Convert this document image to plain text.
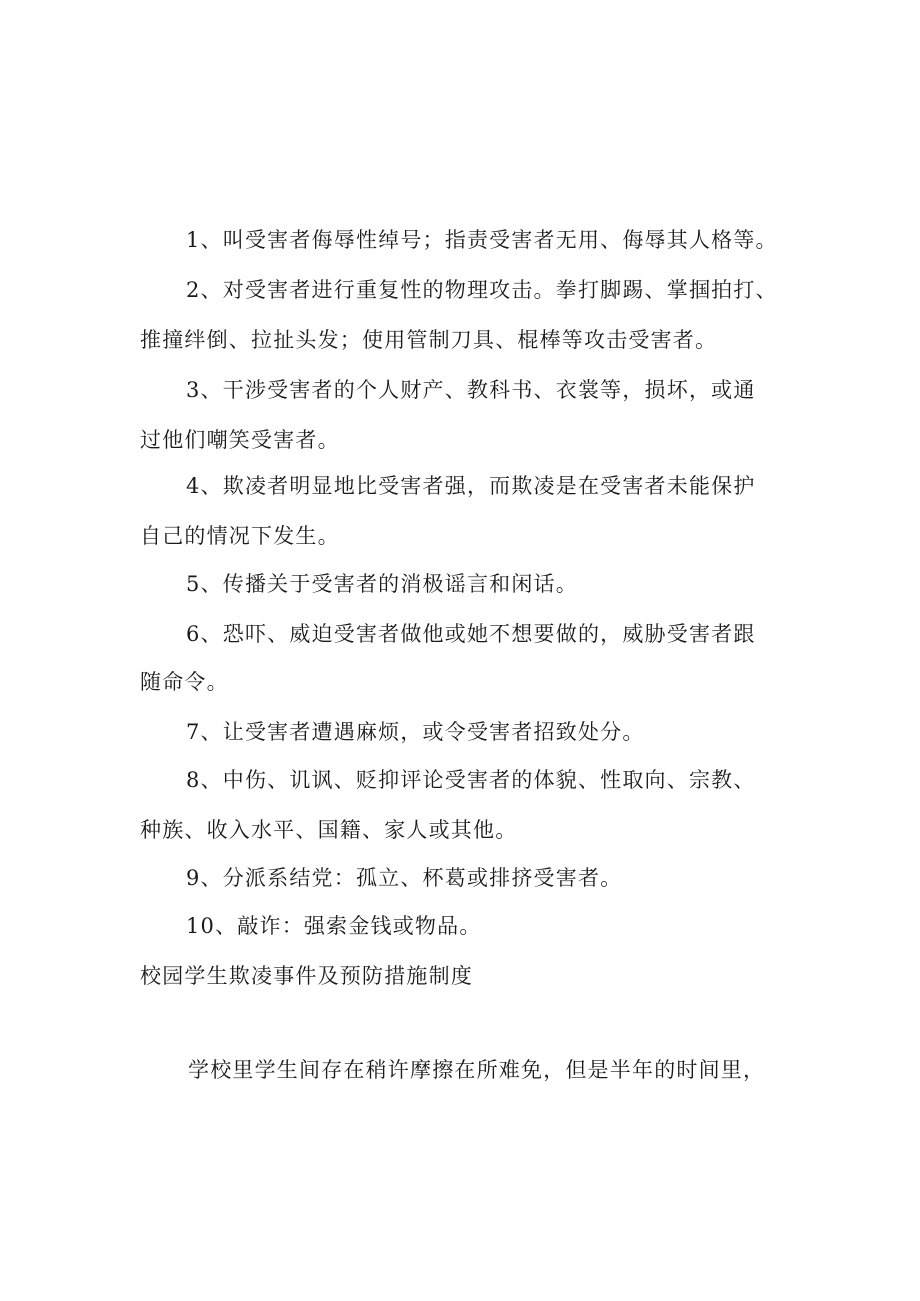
1、叫受害者侮辱性绰号；指责受害者无用、侮辱其人格等。
2、对受害者进行重复性的物理攻击。拳打脚踢、掌掴拍打、
推撞绊倒、拉扯头发；使用管制刀具、棍棒等攻击受害者。
3、干涉受害者的个人财产、教科书、衣裳等，损坏，或通
过他们嘲笑受害者。
4、欺凌者明显地比受害者强，而欺凌是在受害者未能保护
自己的情况下发生。
5、传播关于受害者的消极谣言和闲话。
6、恐吓、威迫受害者做他或她不想要做的，威胁受害者跟
随命令。
7、让受害者遭遇麻烦，或令受害者招致处分。
8、中伤、讥讽、贬抑评论受害者的体貌、性取向、宗教、
种族、收入水平、国籍、家人或其他。
9、分派系结党：孤立、杯葛或排挤受害者。
10、敲诈：强索金钱或物品。
校园学生欺凌事件及预防措施制度
学校里学生间存在稍许摩擦在所难免，但是半年的时间里，
